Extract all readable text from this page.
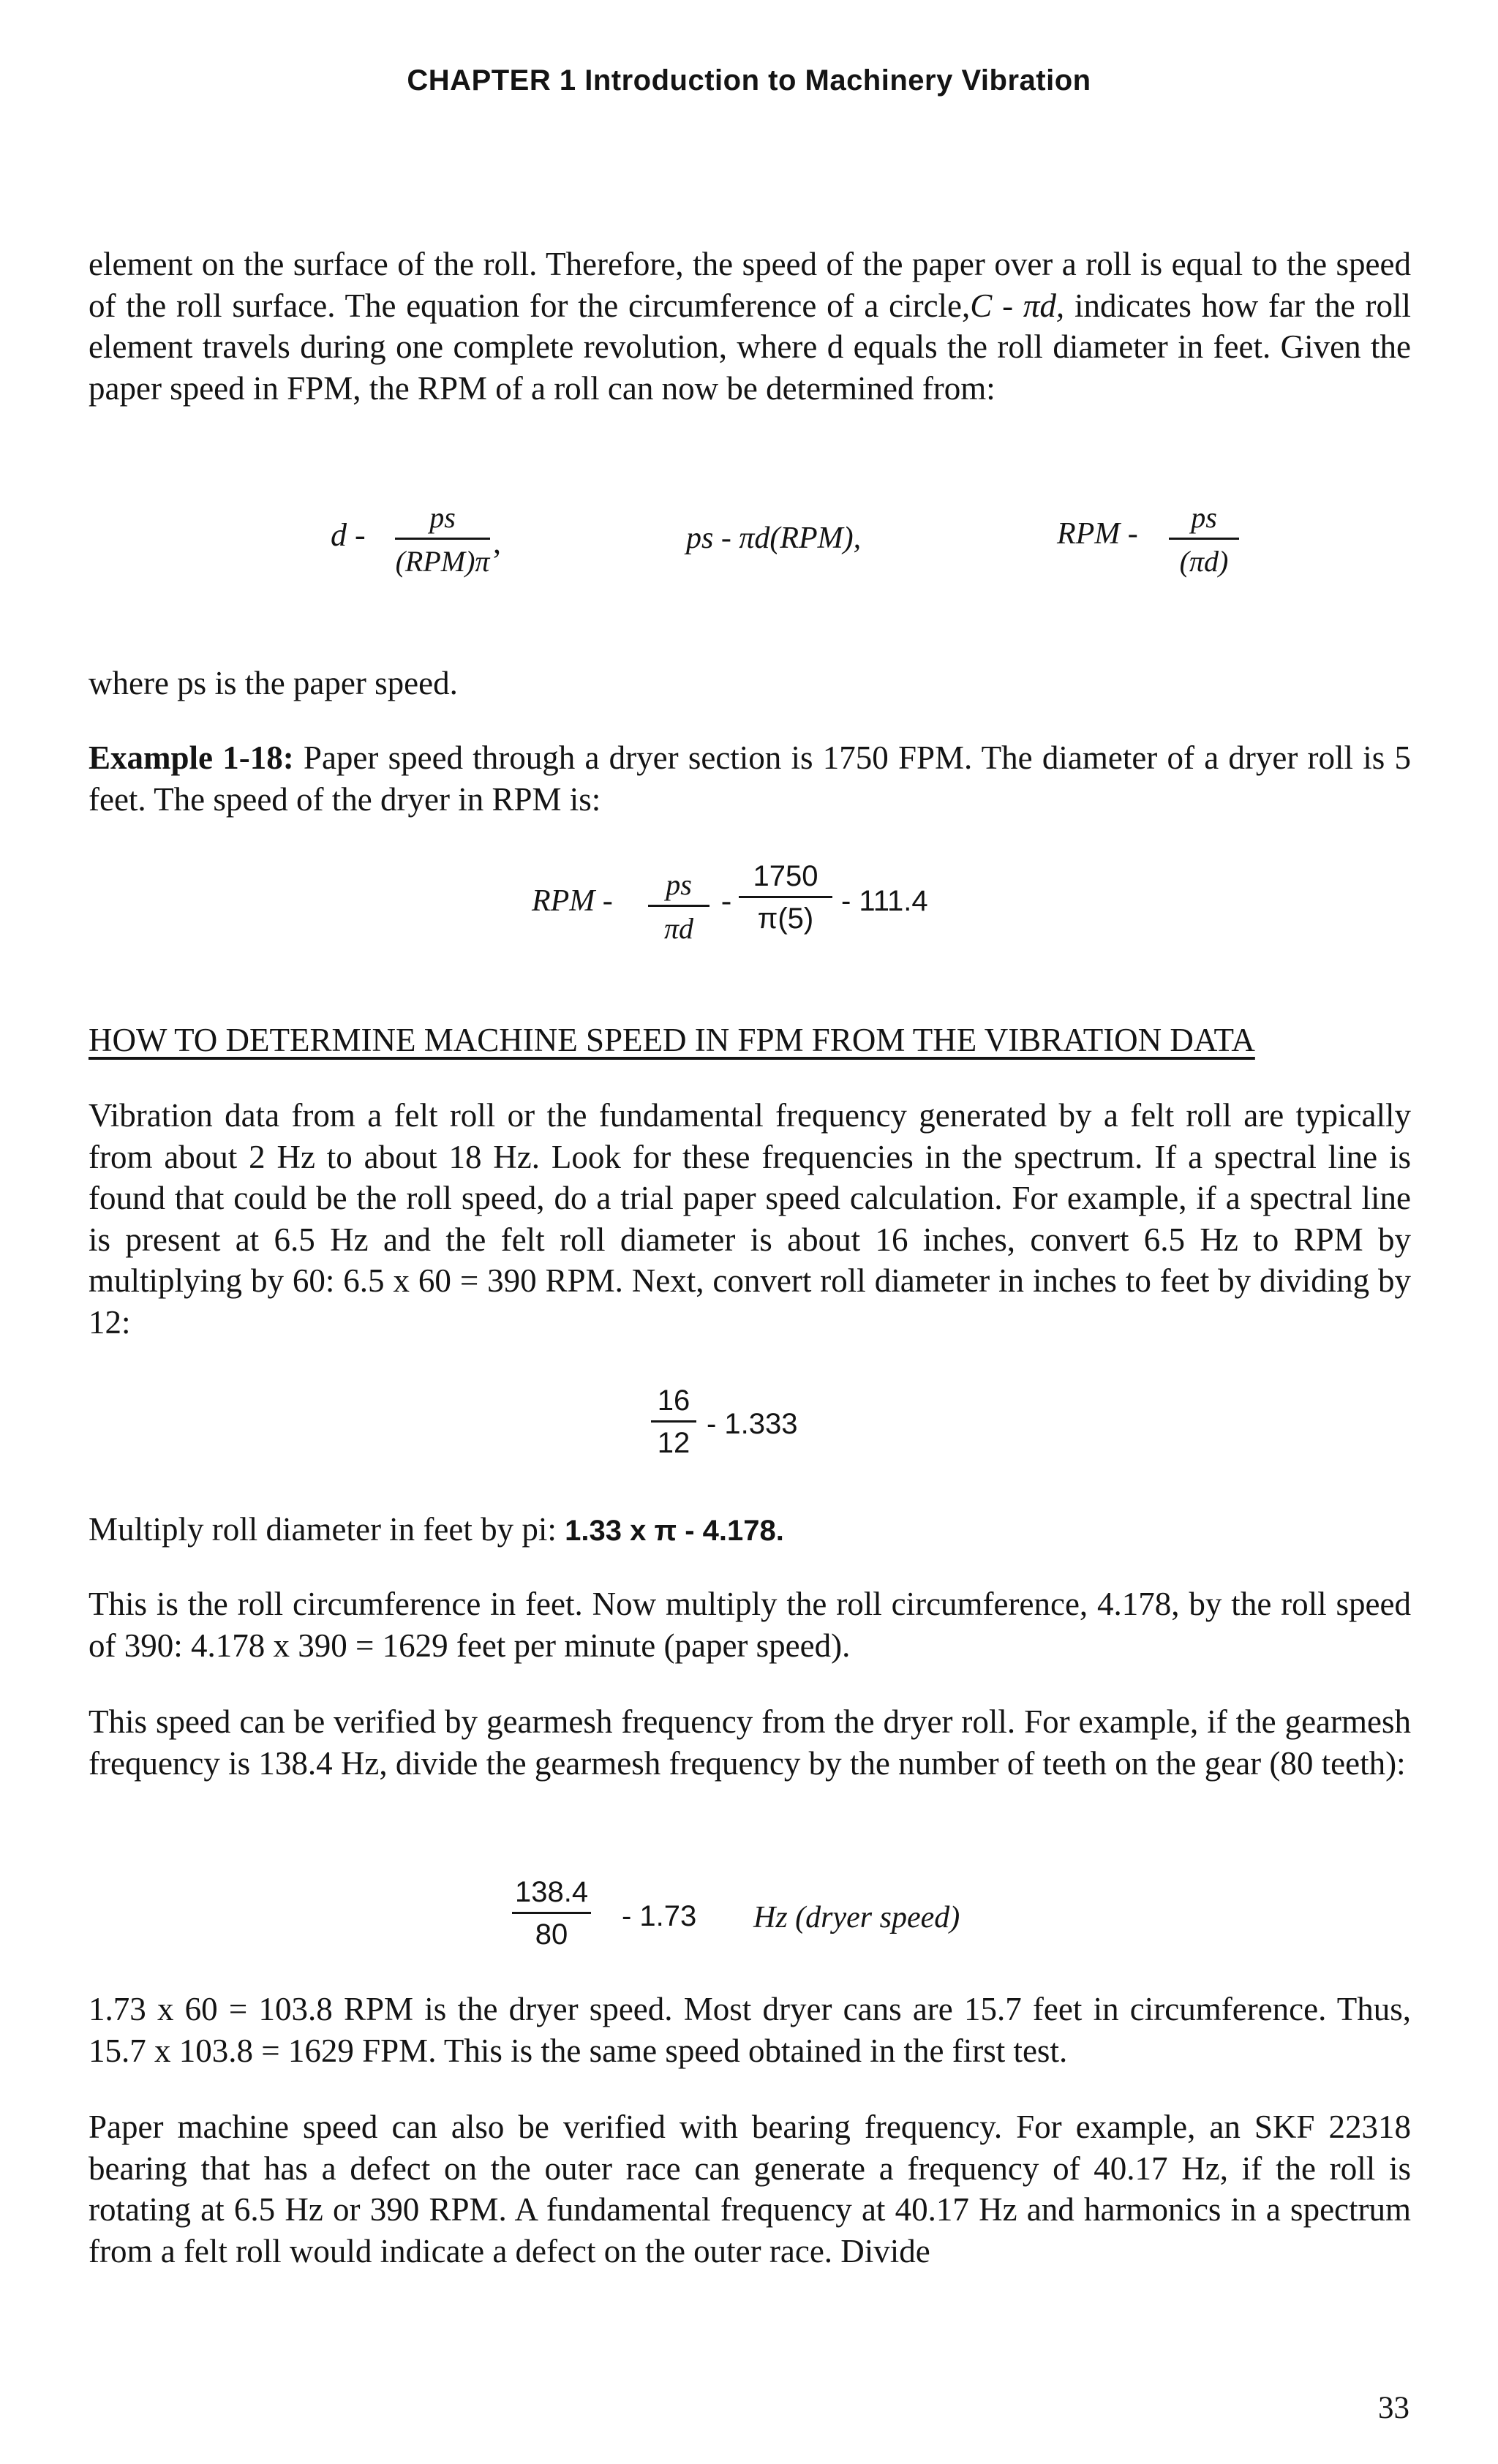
CHAPTER 1 Introduction to Machinery Vibration

element on the surface of the roll. Therefore, the speed of the paper over a roll is equal to the speed of the roll surface. The equation for the circumference of a circle,C - πd, indicates how far the roll element travels during one complete revolution, where d equals the roll diameter in feet. Given the paper speed in FPM, the RPM of a roll can now be determined from:

d -	ps
(RPM)π
,	ps - πd(RPM),	RPM - $\frac{ps}{(\pi d)}$

where ps is the paper speed.

Example 1-18: Paper speed through a dryer section is 1750 FPM. The diameter of a dryer roll is 5 feet. The speed of the dryer in RPM is:

RPM - $\frac{ps}{\pi d} - \frac{1750}{\pi(5)} - 111.4$
HOW TO DETERMINE MACHINE SPEED IN FPM FROM THE VIBRATION DATA

Vibration data from a felt roll or the fundamental frequency generated by a felt roll are typically from about 2 Hz to about 18 Hz. Look for these frequencies in the spectrum. If a spectral line is found that could be the roll speed, do a trial paper speed calculation. For example, if a spectral line is present at 6.5 Hz and the felt roll diameter is about 16 inches, convert 6.5 Hz to RPM by multiplying by 60: 6.5 x 60 = 390 RPM. Next, convert roll diameter in inches to feet by dividing by 12:

$\frac{16}{12} - 1.333$

Multiply roll diameter in feet by pi: 1.33 x π - 4.178.

This is the roll circumference in feet. Now multiply the roll circumference, 4.178, by the roll speed of 390: 4.178 x 390 = 1629 feet per minute (paper speed).

This speed can be verified by gearmesh frequency from the dryer roll. For example, if the gearmesh frequency is 138.4 Hz, divide the gearmesh frequency by the number of teeth on the gear (80 teeth):

$\frac{138.4}{80} - 1.73$ Hz (dryer speed)

1.73 x 60 = 103.8 RPM is the dryer speed. Most dryer cans are 15.7 feet in circumference. Thus, 15.7 x 103.8 = 1629 FPM. This is the same speed obtained in the first test.

Paper machine speed can also be verified with bearing frequency. For example, an SKF 22318 bearing that has a defect on the outer race can generate a frequency of 40.17 Hz, if the roll is rotating at 6.5 Hz or 390 RPM. A fundamental frequency at 40.17 Hz and harmonics in a spectrum from a felt roll would indicate a defect on the outer race. Divide

33
